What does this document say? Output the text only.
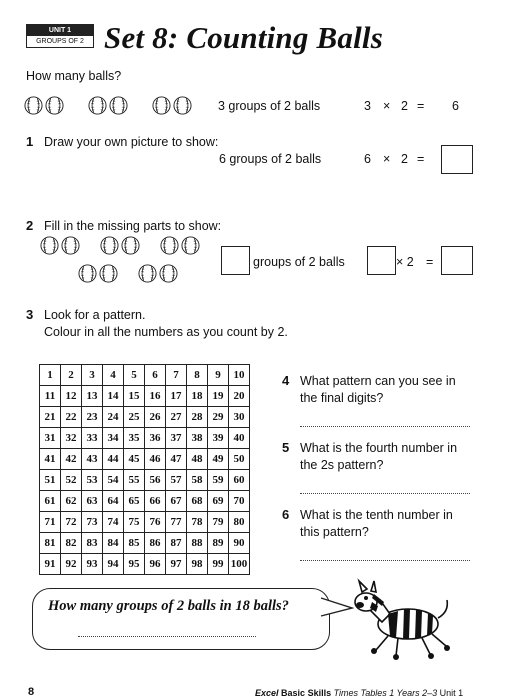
UNIT 1
GROUPS OF 2 Set 8: Counting Balls
How many balls?
3 groups of 2 balls	3 × 2 = 6
1 Draw your own picture to show:
6 groups of 2 balls	6 × 2 =
2 Fill in the missing parts to show:
groups of 2 balls	× 2 =
3 Look for a pattern.
Colour in all the numbers as you count by 2.
1	2	3	4	5	6	7	8	9	10
11	12	13	14	15	16	17	18	19	20
21	22	23	24	25	26	27	28	29	30
31	32	33	34	35	36	37	38	39	40
41	42	43	44	45	46	47	48	49	50
51	52	53	54	55	56	57	58	59	60
61	62	63	64	65	66	67	68	69	70
71	72	73	74	75	76	77	78	79	80
81	82	83	84	85	86	87	88	89	90
91	92	93	94	95	96	97	98	99	100
4 What pattern can you see in
the final digits?
5 What is the fourth number in
the 2s pattern?
6 What is the tenth number in
this pattern?
How many groups of 2 balls in 18 balls?
8	Excel Basic Skills Times Tables 1 Years 2–3 Unit 1
